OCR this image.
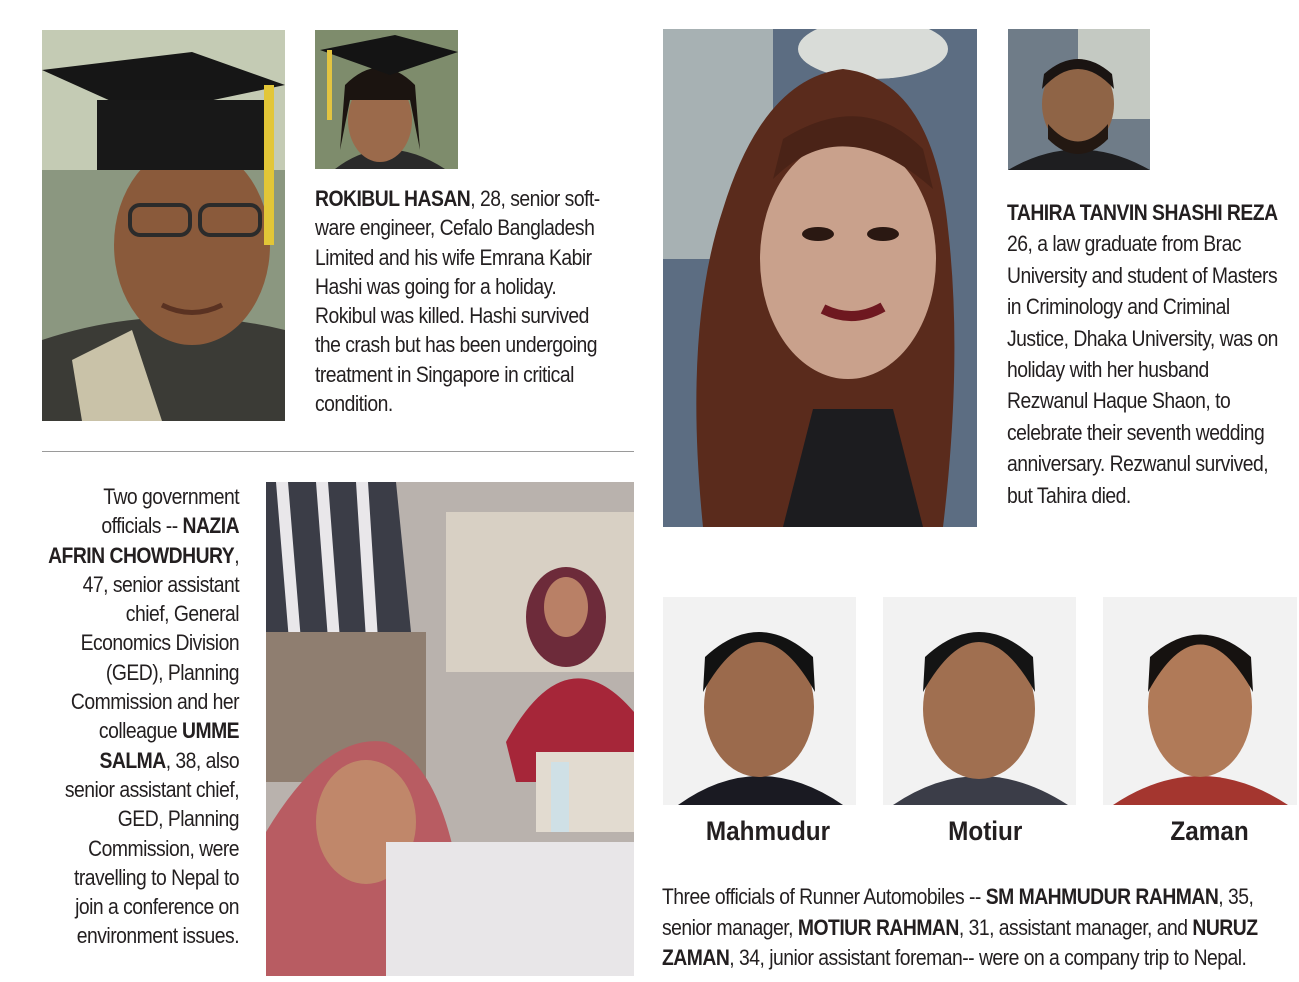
ROKIBUL HASAN, 28, senior soft-
ware engineer, Cefalo Bangladesh
Limited and his wife Emrana Kabir
Hashi was going for a holiday.
Rokibul was killed. Hashi survived
the crash but has been undergoing
treatment in Singapore in critical
condition.
TAHIRA TANVIN SHASHI REZA
26, a law graduate from Brac
University and student of Masters
in Criminology and Criminal
Justice, Dhaka University, was on
holiday with her husband
Rezwanul Haque Shaon, to
celebrate their seventh wedding
anniversary. Rezwanul survived,
but Tahira died.
Two government
officials -- NAZIA
AFRIN CHOWDHURY,
47, senior assistant
chief, General
Economics Division
(GED), Planning
Commission and her
colleague UMME
SALMA, 38, also
senior assistant chief,
GED, Planning
Commission, were
travelling to Nepal to
join a conference on
environment issues.
Mahmudur	Motiur	Zaman
Three officials of Runner Automobiles -- SM MAHMUDUR RAHMAN, 35,
senior manager, MOTIUR RAHMAN, 31, assistant manager, and NURUZ
ZAMAN, 34, junior assistant foreman-- were on a company trip to Nepal.
